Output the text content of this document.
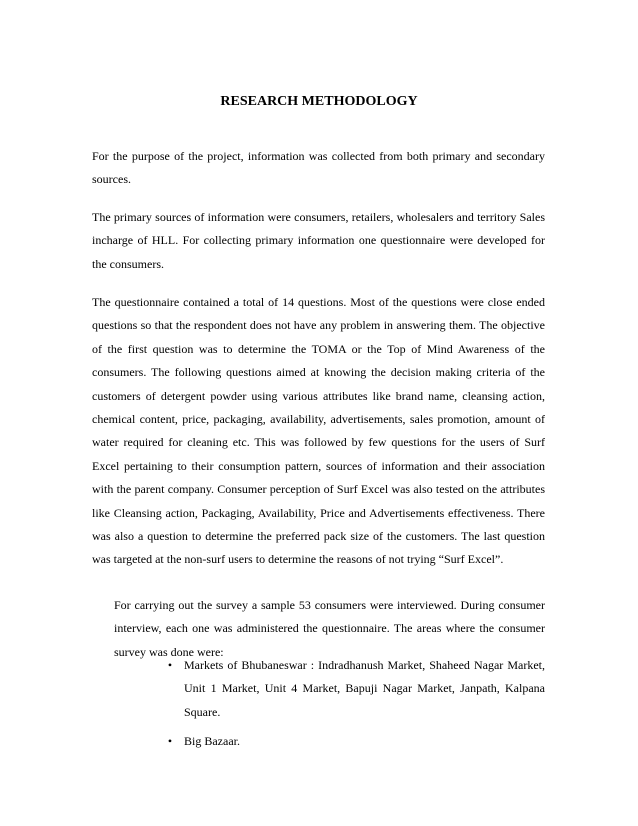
RESEARCH METHODOLOGY

For the purpose of the project, information was collected from both primary and secondary sources.

The primary sources of information were consumers, retailers, wholesalers and territory Sales incharge of HLL. For collecting primary information one questionnaire were developed for the consumers.

The questionnaire contained a total of 14 questions. Most of the questions were close ended questions so that the respondent does not have any problem in answering them. The objective of the first question was to determine the TOMA or the Top of Mind Awareness of the consumers. The following questions aimed at knowing the decision making criteria of the customers of detergent powder using various attributes like brand name, cleansing action, chemical content, price, packaging, availability, advertisements, sales promotion, amount of water required for cleaning etc. This was followed by few questions for the users of Surf Excel pertaining to their consumption pattern, sources of information and their association with the parent company. Consumer perception of Surf Excel was also tested on the attributes like Cleansing action, Packaging, Availability, Price and Advertisements effectiveness. There was also a question to determine the preferred pack size of the customers. The last question was targeted at the non-surf users to determine the reasons of not trying “Surf Excel”.

For carrying out the survey a sample 53 consumers were interviewed. During consumer interview, each one was administered the questionnaire. The areas where the consumer survey was done were:

• Markets of Bhubaneswar : Indradhanush Market, Shaheed Nagar Market, Unit 1 Market, Unit 4 Market, Bapuji Nagar Market, Janpath, Kalpana Square.
• Big Bazaar.
